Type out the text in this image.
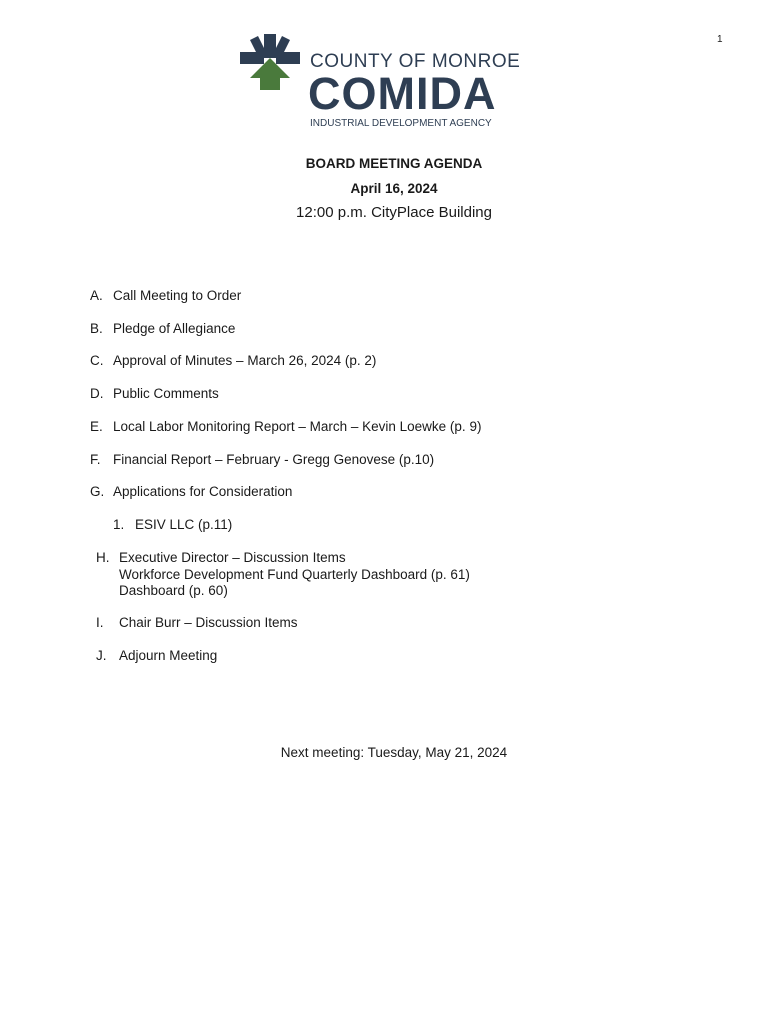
1
COUNTY OF MONROE
COMIDA
INDUSTRIAL DEVELOPMENT AGENCY
BOARD MEETING AGENDA
April 16, 2024
12:00 p.m. CityPlace Building
A. Call Meeting to Order
B. Pledge of Allegiance
C. Approval of Minutes – March 26, 2024 (p. 2)
D. Public Comments
E. Local Labor Monitoring Report – March – Kevin Loewke (p. 9)
F. Financial Report – February - Gregg Genovese (p.10)
G. Applications for Consideration
1. ESIV LLC (p.11)
H. Executive Director – Discussion Items
Workforce Development Fund Quarterly Dashboard (p. 61)
Dashboard (p. 60)
I. Chair Burr – Discussion Items
J. Adjourn Meeting
Next meeting: Tuesday, May 21, 2024
